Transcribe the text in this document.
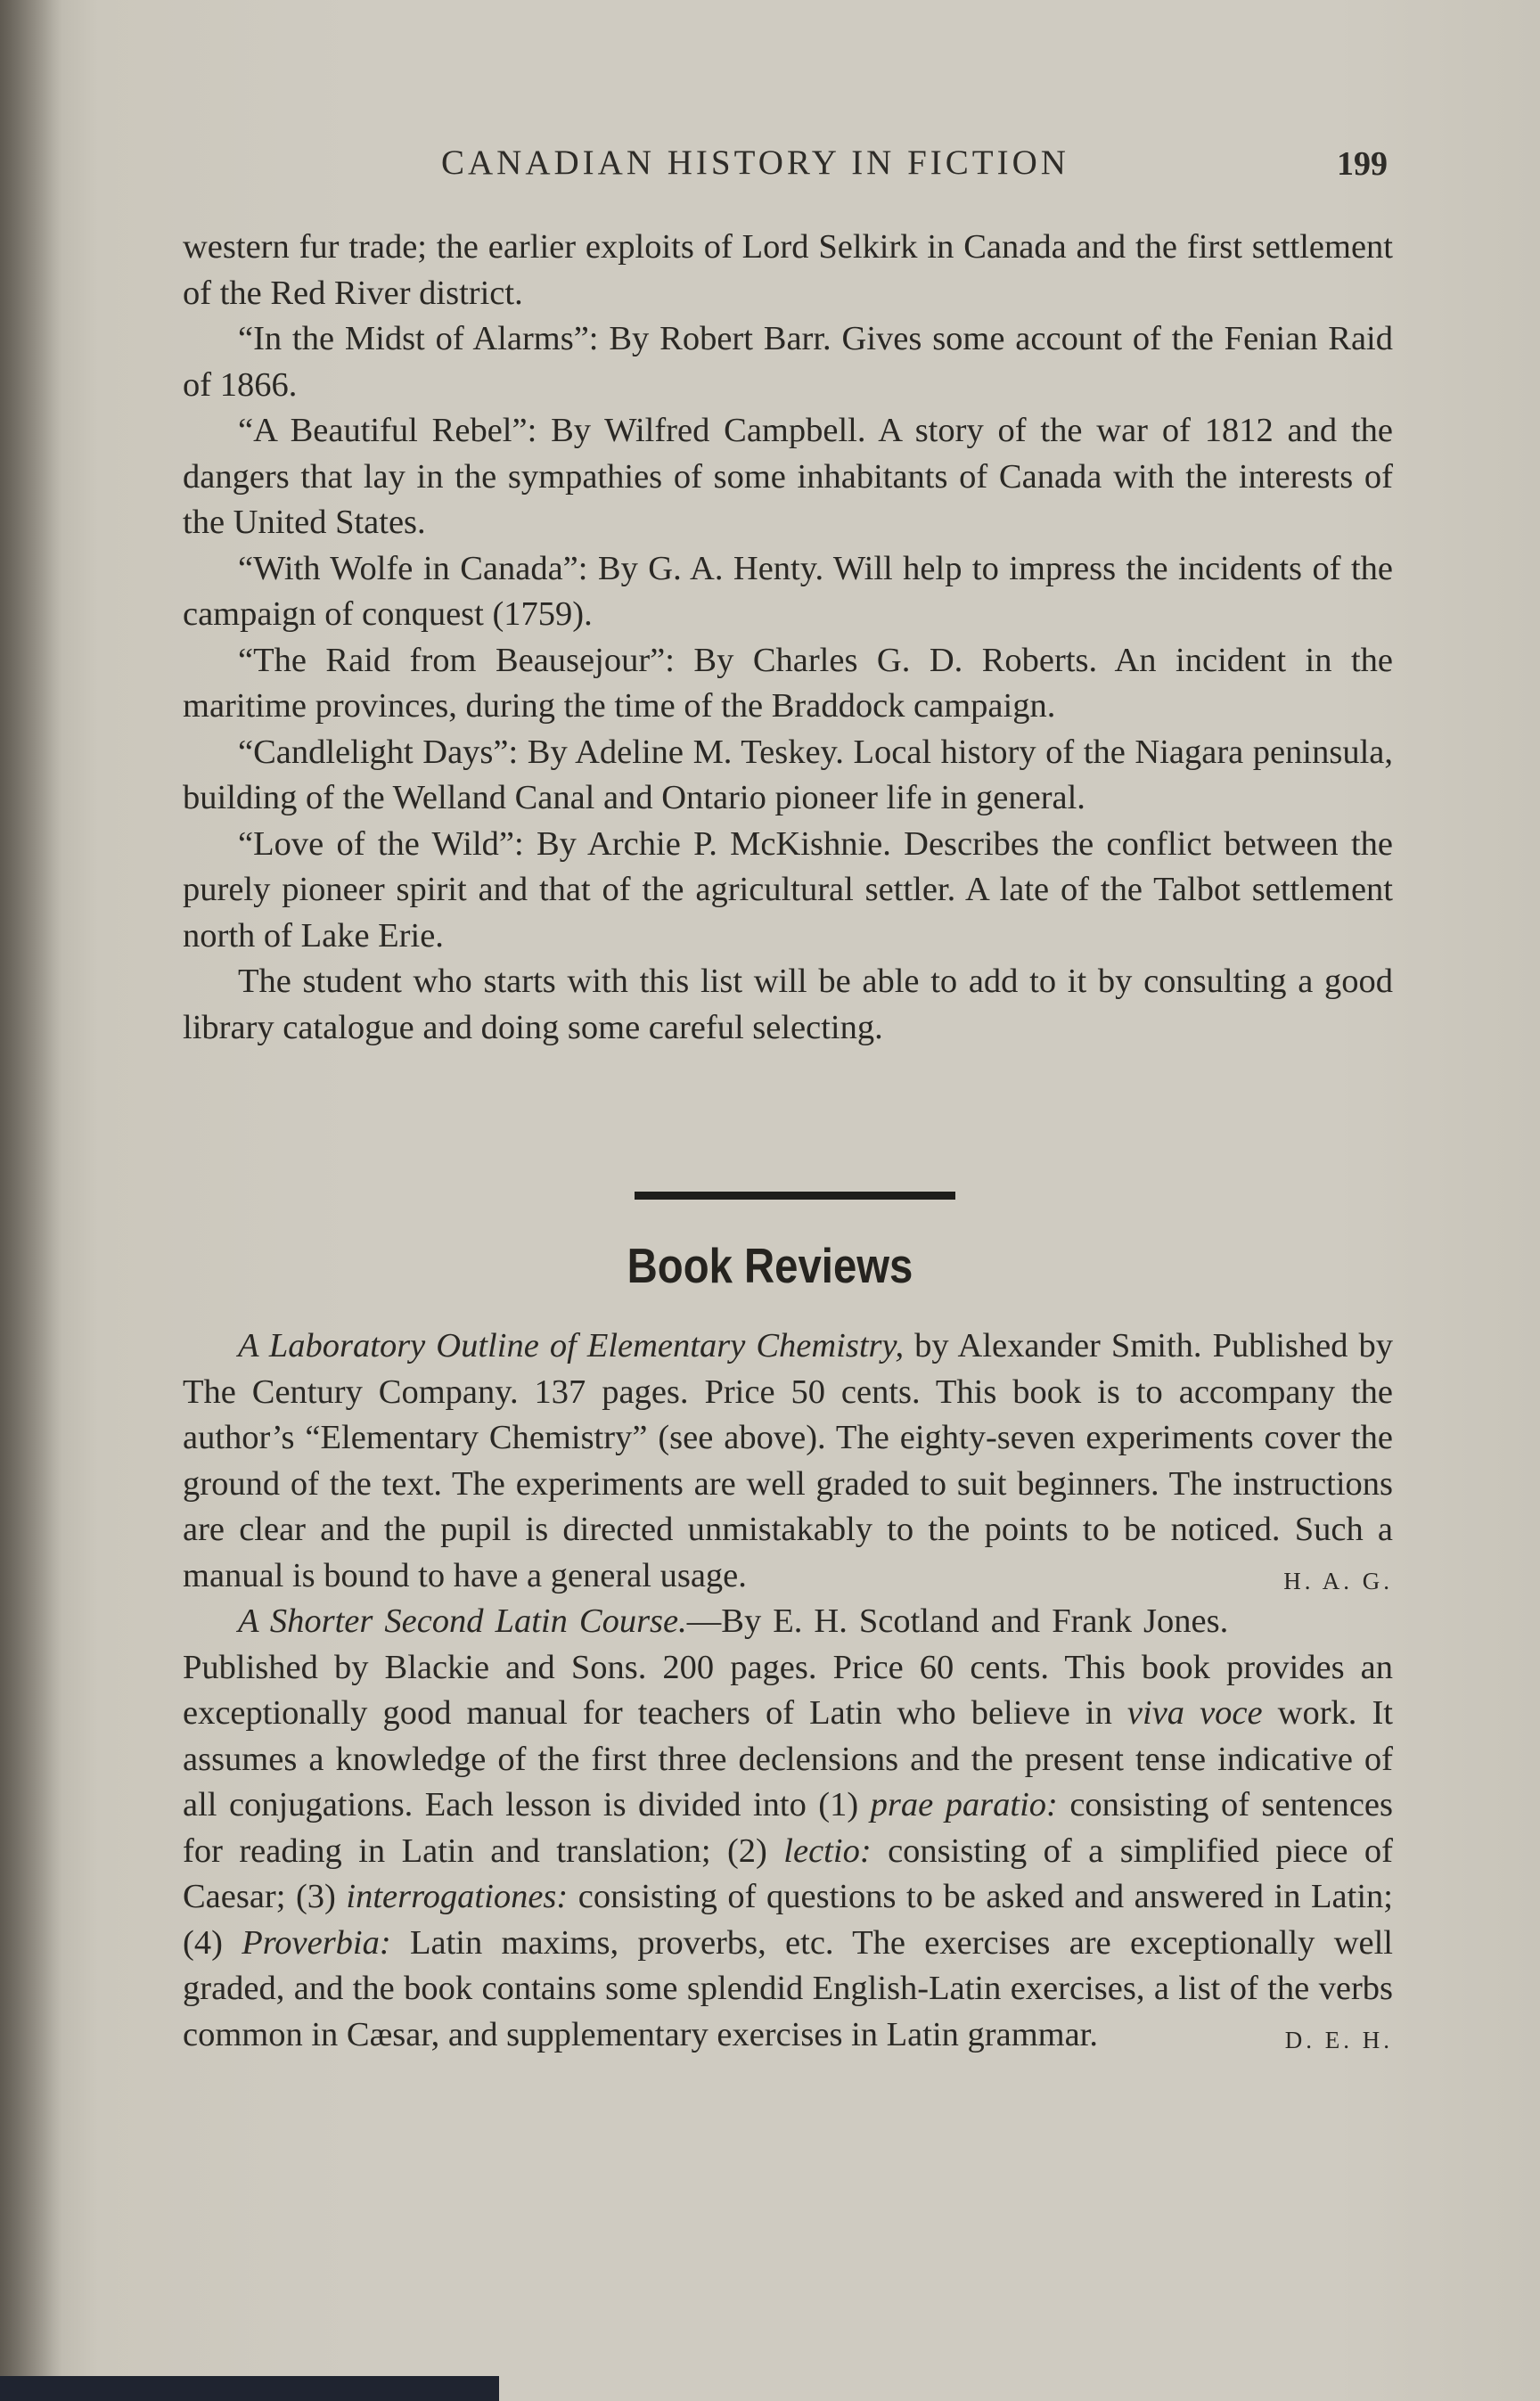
CANADIAN HISTORY IN FICTION	199

western fur trade; the earlier exploits of Lord Selkirk in Canada and the first settlement of the Red River district.

“In the Midst of Alarms”: By Robert Barr. Gives some account of the Fenian Raid of 1866.

“A Beautiful Rebel”: By Wilfred Campbell. A story of the war of 1812 and the dangers that lay in the sympathies of some inhabitants of Canada with the interests of the United States.

“With Wolfe in Canada”: By G. A. Henty. Will help to impress the incidents of the campaign of conquest (1759).

“The Raid from Beausejour”: By Charles G. D. Roberts. An incident in the maritime provinces, during the time of the Braddock campaign.

“Candlelight Days”: By Adeline M. Teskey. Local history of the Niagara peninsula, building of the Welland Canal and Ontario pioneer life in general.

“Love of the Wild”: By Archie P. McKishnie. Describes the conflict between the purely pioneer spirit and that of the agricultural settler. A late of the Talbot settlement north of Lake Erie.

The student who starts with this list will be able to add to it by consulting a good library catalogue and doing some careful selecting.

Book Reviews

A Laboratory Outline of Elementary Chemistry, by Alexander Smith. Published by The Century Company. 137 pages. Price 50 cents. This book is to accompany the author’s “Elementary Chemistry” (see above). The eighty-seven experiments cover the ground of the text. The experiments are well graded to suit beginners. The instructions are clear and the pupil is directed unmistakably to the points to be noticed. Such a manual is bound to have a general usage.	H. A. G.

A Shorter Second Latin Course.—By E. H. Scotland and Frank Jones. Published by Blackie and Sons. 200 pages. Price 60 cents. This book provides an exceptionally good manual for teachers of Latin who believe in viva voce work. It assumes a knowledge of the first three declensions and the present tense indicative of all conjugations. Each lesson is divided into (1) prae paratio: consisting of sentences for reading in Latin and translation; (2) lectio: consisting of a simplified piece of Caesar; (3) interrogationes: consisting of questions to be asked and answered in Latin; (4) Proverbia: Latin maxims, proverbs, etc. The exercises are exceptionally well graded, and the book contains some splendid English-Latin exercises, a list of the verbs common in Cæsar, and supplementary exercises in Latin grammar.	D. E. H.
